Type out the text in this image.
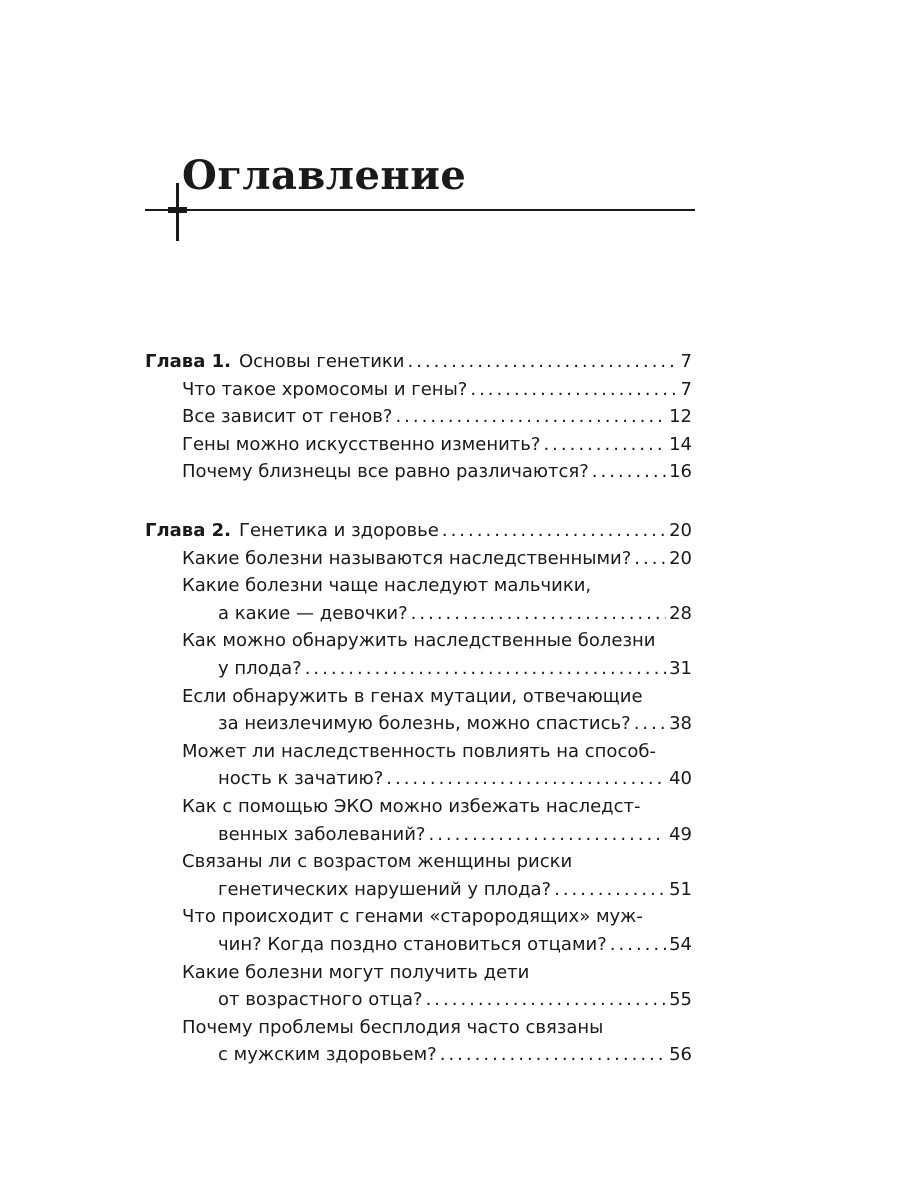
Оглавление
Глава 1. Основы генетики .....	7
Что такое хромосомы и гены? .....	7
Все зависит от генов? .....	12
Гены можно искусственно изменить? .....	14
Почему близнецы все равно различаются? .....	16
Глава 2. Генетика и здоровье .....	20
Какие болезни называются наследственными? ..... 20
Какие болезни чаще наследуют мальчики,
а какие — девочки? .....	28
Как можно обнаружить наследственные болезни
у плода? .....	31
Если обнаружить в генах мутации, отвечающие
за неизлечимую болезнь, можно спастись? ..... 38
Может ли наследственность повлиять на способ-
ность к зачатию? .....	40
Как с помощью ЭКО можно избежать наследст-
венных заболеваний? .....	49
Связаны ли с возрастом женщины риски
генетических нарушений у плода? .....	51
Что происходит с генами «старородящих» муж-
чин? Когда поздно становиться отцами? .....	54
Какие болезни могут получить дети
от возрастного отца? .....	55
Почему проблемы бесплодия часто связаны
с мужским здоровьем? .....	56
